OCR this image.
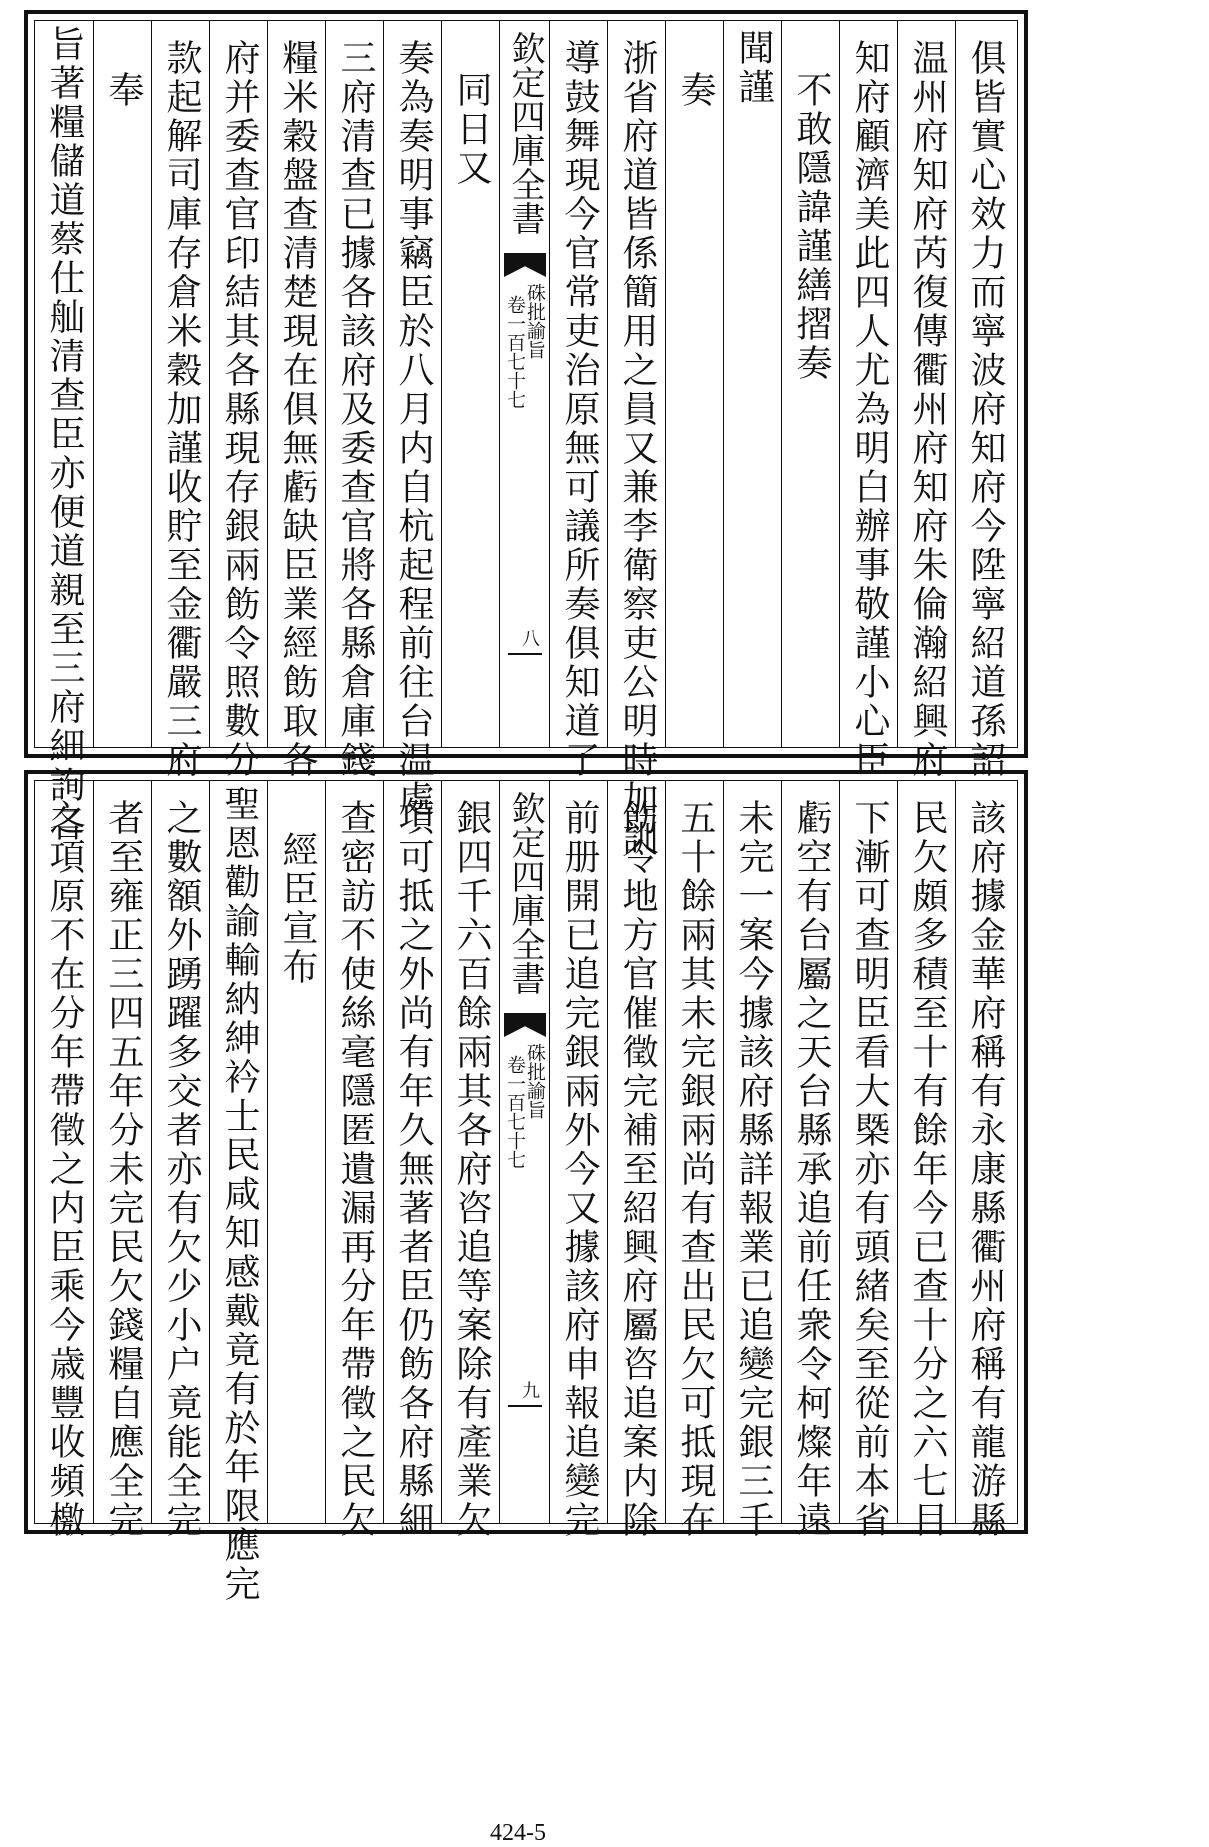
旨著糧儲道蔡仕舢清查臣亦便道親至三府細詢各 奉 款起解司庫存倉米穀加謹收貯至金衢嚴三府 府并委查官印結其各縣現存銀兩飭令照數分 糧米穀盤查清楚現在俱無虧缺臣業經飭取各 三府清查已據各該府及委查官將各縣倉庫錢 奏為奏明事竊臣於八月内自杭起程前往台温處 同日又 欽定四庫全書
硃批諭旨
卷一百七十七
八 導鼓舞現今官常吏治原無可議所奏俱知道了 浙省府道皆係簡用之員又兼李衛察吏公明時加訓 奏 聞謹
不敢隱諱謹繕摺奏 知府顧濟美此四人尤為明白辦事敬謹小心臣 温州府知府芮復傳衢州府知府朱倫瀚紹興府 俱皆實心效力而寧波府知府今陞寧紹道孫詔
之項原不在分年帶徵之内臣乘今歳豐收頻檄 者至雍正三四五年分未完民欠錢糧自應全完 之數額外踴躍多交者亦有欠少小户竟能全完 聖恩勸諭輸納紳衿士民咸知感戴竟有於年限應完 經臣宣布 查密訪不使絲毫隱匿遺漏再分年帶徵之民欠 項可抵之外尚有年久無著者臣仍飭各府縣細 銀四千六百餘兩其各府咨追等案除有產業欠 欽定四庫全書
硃批諭旨
卷一百七十七
九 前册開已追完銀兩外今又據該府申報追變完 飭令地方官催徵完補至紹興府屬咨追案内除 五十餘兩其未完銀兩尚有查出民欠可抵現在 未完一案今據該府縣詳報業已追變完銀三千 虧空有台屬之天台縣承追前任衆令柯燦年遠 下漸可查明臣看大槩亦有頭緒矣至從前本省 民欠頗多積至十有餘年今已查十分之六七目 該府據金華府稱有永康縣衢州府稱有龍游縣
424-5
